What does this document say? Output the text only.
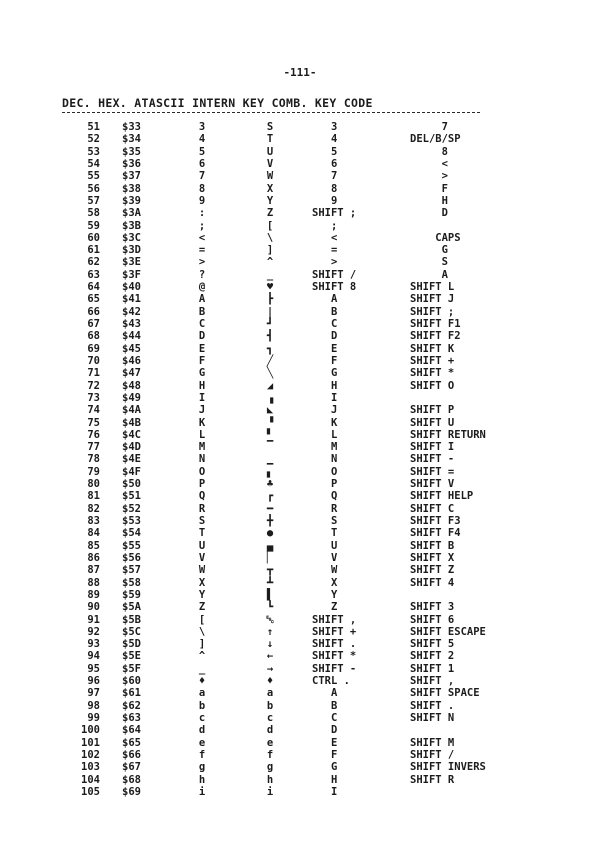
-111-
DEC. HEX. ATASCII INTERN KEY COMB. KEY CODE
51 $33	3	S	3	7
52 $34	4	T	4	DEL/B/SP
53 $35	5	U	5	8
54 $36	6	V	6	<
55 $37	7	W	7	>
56 $38	8	X	8	F
57 $39	9	Y	9	H
58 $3A	:	Z	SHIFT ;	D
59 $3B	;	[	;
60 $3C	<	\	<	CAPS
61 $3D	=	]	=	G
62 $3E	>	^	>	S
63 $3F	?	_	SHIFT /	A
64 $40	@	♥	SHIFT 8	SHIFT L
65 $41	A	┣	A	SHIFT J
66 $42	B	|	B	SHIFT ;
67 $43	C	┛	C	SHIFT F1
68 $44	D	┫	D	SHIFT F2
69 $45	E	┓	E	SHIFT K
70 $46	F	╱	F	SHIFT +
71 $47	G	╲	G	SHIFT *
72 $48	H	◢	H	SHIFT O
73 $49	I	▗	I
74 $4A	J	◣	J	SHIFT P
75 $4B	K	▝	K	SHIFT U
76 $4C	L	▘	L	SHIFT RETURN
77 $4D	M	▔	M	SHIFT I
78 $4E	N	▁	N	SHIFT -
79 $4F	O	▖	O	SHIFT =
80 $50	P	♣	P	SHIFT V
81 $51	Q	┏	Q	SHIFT HELP
82 $52	R	━	R	SHIFT C
83 $53	S	╋	S	SHIFT F3
84 $54	T	●	T	SHIFT F4
85 $55	U	▄	U	SHIFT B
86 $56	V	▏	V	SHIFT X
87 $57	W	┳	W	SHIFT Z
88 $58	X	┻	X	SHIFT 4
89 $59	Y	▌	Y
90 $5A	Z	┗	Z	SHIFT 3
91 $5B	[	␛	SHIFT ,	SHIFT 6
92 $5C	\	↑	SHIFT +	SHIFT ESCAPE
93 $5D	]	↓	SHIFT .	SHIFT 5
94 $5E	^	←	SHIFT *	SHIFT 2
95 $5F	_	→	SHIFT -	SHIFT 1
96 $60	♦	♦	CTRL .	SHIFT ,
97 $61	a	a	A	SHIFT SPACE
98 $62	b	b	B	SHIFT .
99 $63	c	c	C	SHIFT N
100 $64	d	d	D
101 $65	e	e	E	SHIFT M
102 $66	f	f	F	SHIFT /
103 $67	g	g	G	SHIFT INVERS
104 $68	h	h	H	SHIFT R
105 $69	i	i	I
